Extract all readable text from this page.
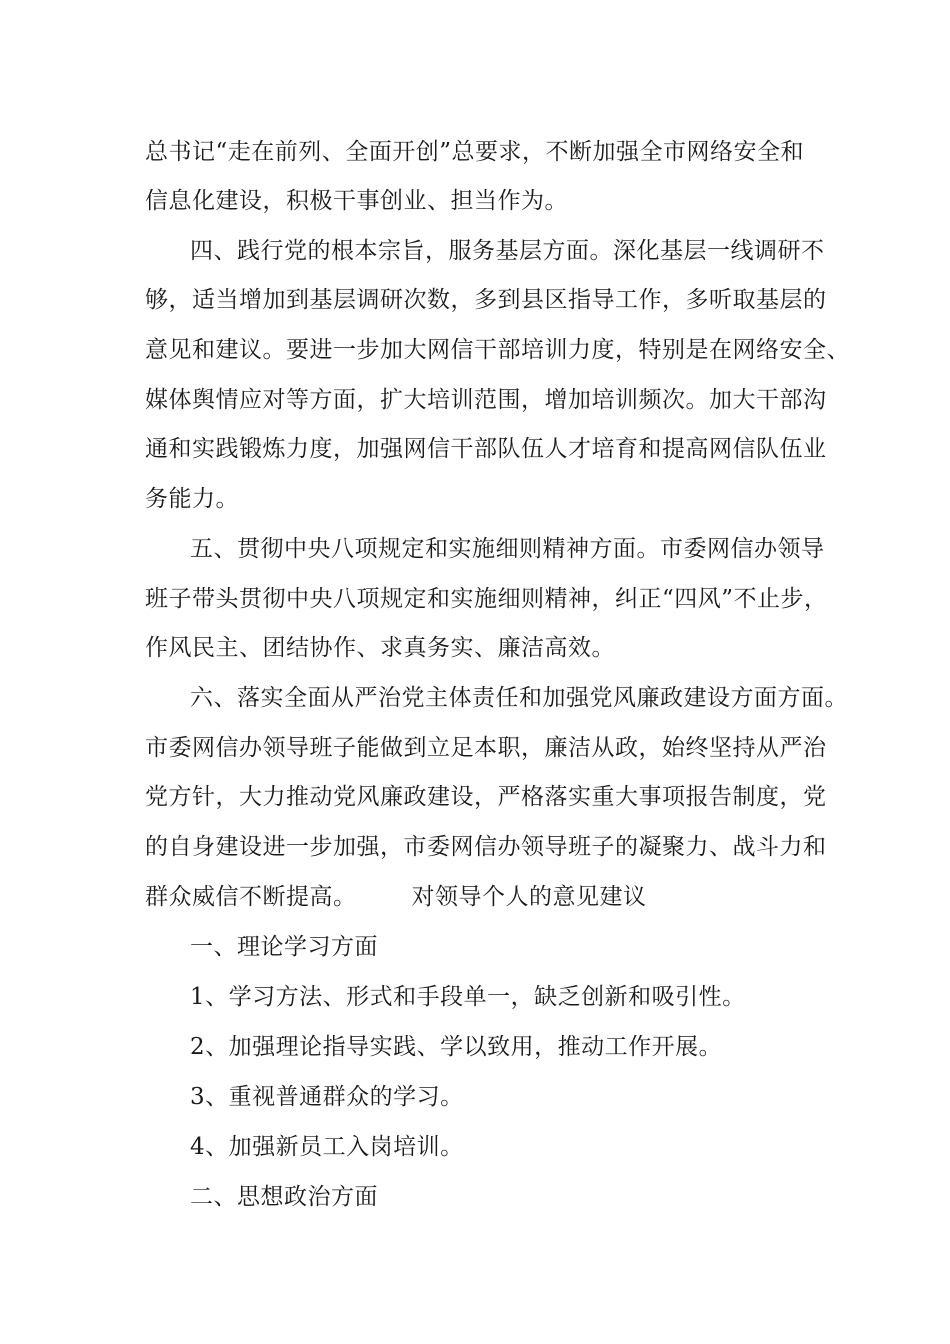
总书记“走在前列、全面开创”总要求，不断加强全市网络安全和
信息化建设，积极干事创业、担当作为。
四、践行党的根本宗旨，服务基层方面。深化基层一线调研不
够，适当增加到基层调研次数，多到县区指导工作，多听取基层的
意见和建议。要进一步加大网信干部培训力度，特别是在网络安全、
媒体舆情应对等方面，扩大培训范围，增加培训频次。加大干部沟
通和实践锻炼力度，加强网信干部队伍人才培育和提高网信队伍业
务能力。
五、贯彻中央八项规定和实施细则精神方面。市委网信办领导
班子带头贯彻中央八项规定和实施细则精神，纠正“四风”不止步，
作风民主、团结协作、求真务实、廉洁高效。
六、落实全面从严治党主体责任和加强党风廉政建设方面方面。
市委网信办领导班子能做到立足本职，廉洁从政，始终坚持从严治
党方针，大力推动党风廉政建设，严格落实重大事项报告制度，党
的自身建设进一步加强，市委网信办领导班子的凝聚力、战斗力和
群众威信不断提高。 对领导个人的意见建议
一、理论学习方面
1、学习方法、形式和手段单一，缺乏创新和吸引性。
2、加强理论指导实践、学以致用，推动工作开展。
3、重视普通群众的学习。
4、加强新员工入岗培训。
二、思想政治方面
